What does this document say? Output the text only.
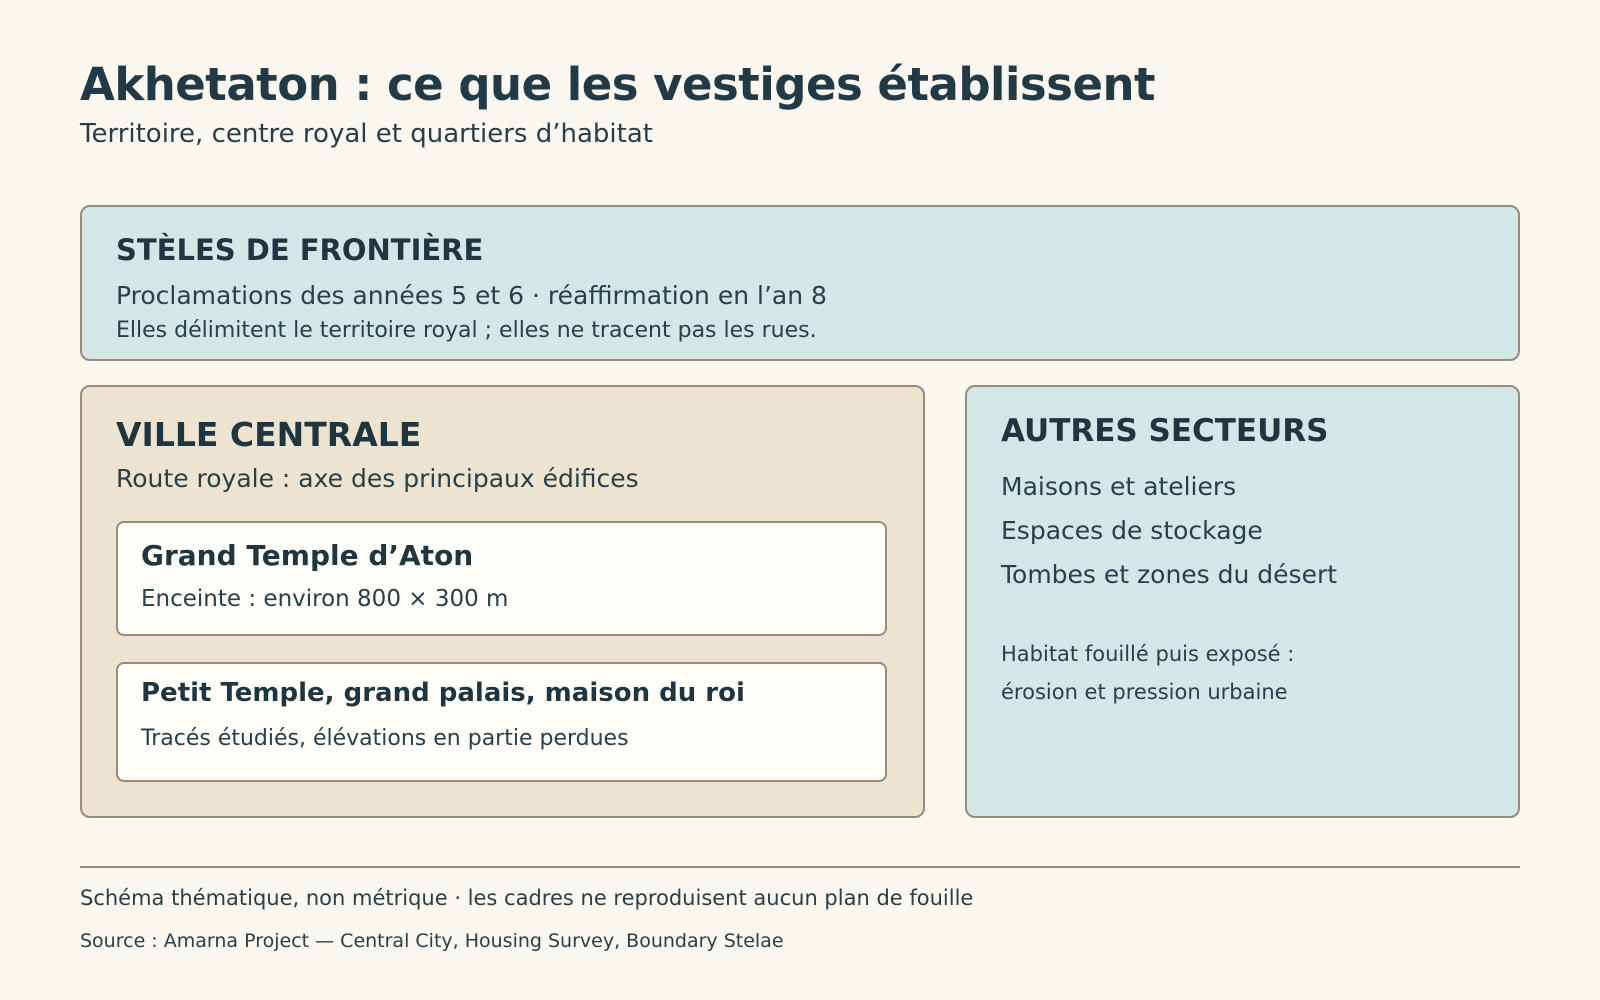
Akhetaton : ce que les vestiges établissent
Territoire, centre royal et quartiers d’habitat
STÈLES DE FRONTIÈRE
Proclamations des années 5 et 6 · réaffirmation en l’an 8
Elles délimitent le territoire royal ; elles ne tracent pas les rues.
VILLE CENTRALE
Route royale : axe des principaux édifices
Grand Temple d’Aton
Enceinte : environ 800 × 300 m
Petit Temple, grand palais, maison du roi
Tracés étudiés, élévations en partie perdues
AUTRES SECTEURS
Maisons et ateliers
Espaces de stockage
Tombes et zones du désert
Habitat fouillé puis exposé :
érosion et pression urbaine
Schéma thématique, non métrique · les cadres ne reproduisent aucun plan de fouille
Source : Amarna Project — Central City, Housing Survey, Boundary Stelae
